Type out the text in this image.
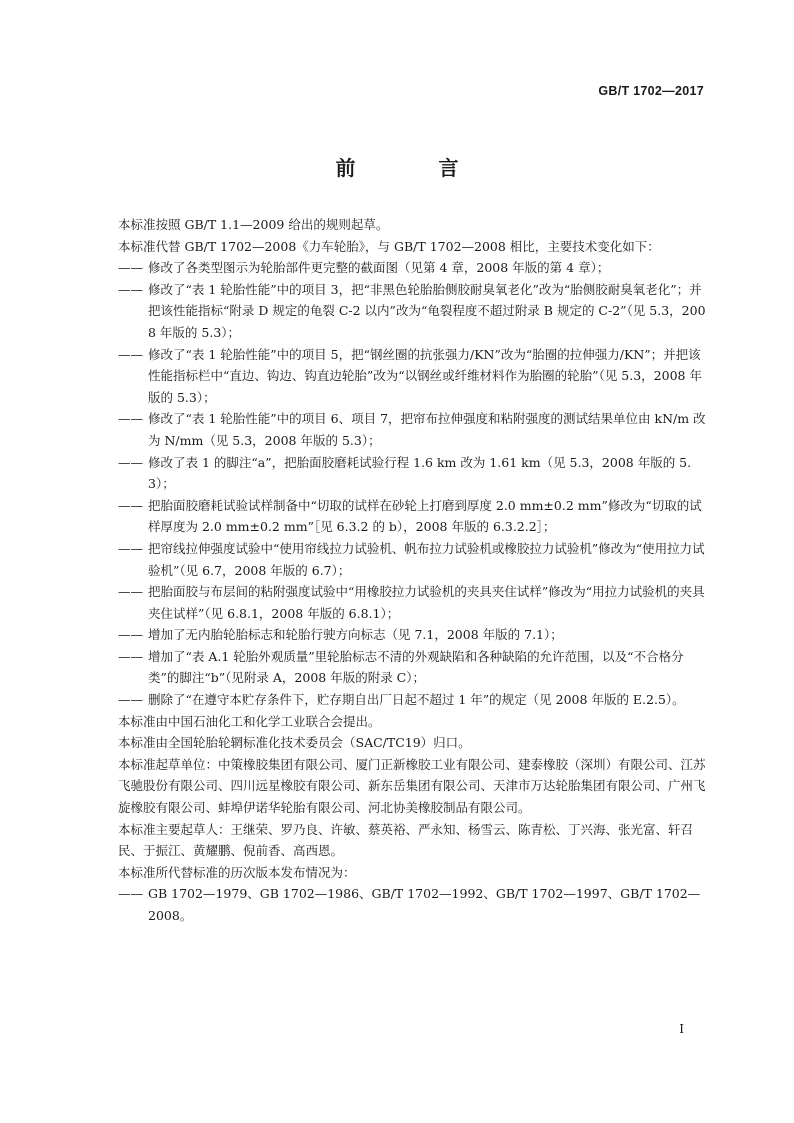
GB/T 1702—2017
前 言

本标准按照 GB/T 1.1—2009 给出的规则起草。

本标准代替 GB/T 1702—2008《力车轮胎》，与 GB/T 1702—2008 相比，主要技术变化如下：

—— 修改了各类型图示为轮胎部件更完整的截面图（见第 4 章，2008 年版的第 4 章）；

—— 修改了“表 1 轮胎性能”中的项目 3，把“非黑色轮胎胎侧胶耐臭氧老化”改为“胎侧胶耐臭氧老化”；并把该性能指标“附录 D 规定的龟裂 C-2 以内”改为“龟裂程度不超过附录 B 规定的 C-2”（见 5.3，2008 年版的 5.3）；

—— 修改了“表 1 轮胎性能”中的项目 5，把“钢丝圈的抗张强力/KN”改为“胎圈的拉伸强力/KN”；并把该性能指标栏中“直边、钩边、钩直边轮胎”改为“以钢丝或纤维材料作为胎圈的轮胎”（见 5.3，2008 年版的 5.3）；

—— 修改了“表 1 轮胎性能”中的项目 6、项目 7，把帘布拉伸强度和粘附强度的测试结果单位由 kN/m 改为 N/mm（见 5.3，2008 年版的 5.3）；

—— 修改了表 1 的脚注“a”，把胎面胶磨耗试验行程 1.6 km 改为 1.61 km（见 5.3，2008 年版的 5.3）；

—— 把胎面胶磨耗试验试样制备中“切取的试样在砂轮上打磨到厚度 2.0 mm±0.2 mm”修改为“切取的试样厚度为 2.0 mm±0.2 mm”［见 6.3.2 的 b），2008 年版的 6.3.2.2］；

—— 把帘线拉伸强度试验中“使用帘线拉力试验机、帆布拉力试验机或橡胶拉力试验机”修改为“使用拉力试验机”（见 6.7，2008 年版的 6.7）；

—— 把胎面胶与布层间的粘附强度试验中“用橡胶拉力试验机的夹具夹住试样”修改为“用拉力试验机的夹具夹住试样”（见 6.8.1，2008 年版的 6.8.1）；

—— 增加了无内胎轮胎标志和轮胎行驶方向标志（见 7.1，2008 年版的 7.1）；

—— 增加了“表 A.1 轮胎外观质量”里轮胎标志不清的外观缺陷和各种缺陷的允许范围，以及“不合格分类”的脚注“b”（见附录 A，2008 年版的附录 C）；

—— 删除了“在遵守本贮存条件下，贮存期自出厂日起不超过 1 年”的规定（见 2008 年版的 E.2.5）。

本标准由中国石油化工和化学工业联合会提出。

本标准由全国轮胎轮辋标准化技术委员会（SAC/TC19）归口。

本标准起草单位：中策橡胶集团有限公司、厦门正新橡胶工业有限公司、建泰橡胶（深圳）有限公司、江苏飞驰股份有限公司、四川远星橡胶有限公司、新东岳集团有限公司、天津市万达轮胎集团有限公司、广州飞旋橡胶有限公司、蚌埠伊诺华轮胎有限公司、河北协美橡胶制品有限公司。

本标准主要起草人：王继荣、罗乃良、许敏、蔡英裕、严永知、杨雪云、陈青松、丁兴海、张光富、轩召民、于振江、黄耀鹏、倪前香、高西恩。

本标准所代替标准的历次版本发布情况为：

—— GB 1702—1979、GB 1702—1986、GB/T 1702—1992、GB/T 1702—1997、GB/T 1702—2008。

I
